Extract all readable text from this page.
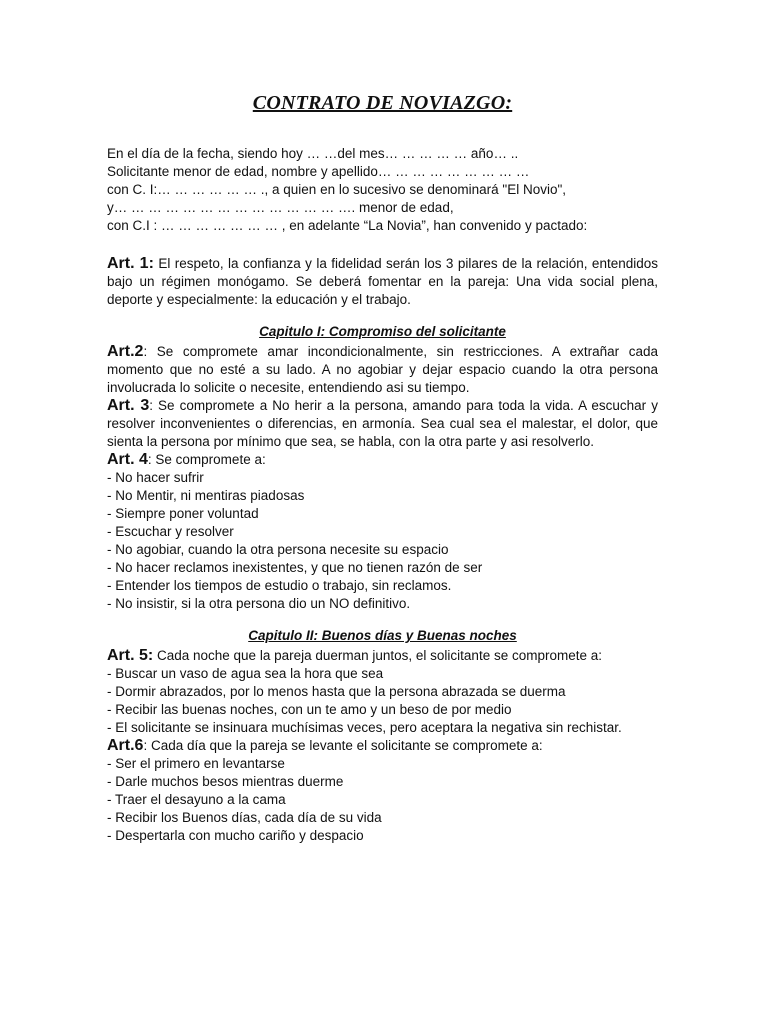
CONTRATO DE NOVIAZGO:

En el día de la fecha, siendo hoy … …del mes… … … … … año… ..

Solicitante menor de edad, nombre y apellido… … … … … … … … …

con C. I:… … … … … … ., a quien en lo sucesivo se denominará "El Novio",

y… … … … … … … … … … … … … …. menor de edad,

con C.I : … … … … … … … , en adelante “La Novia”, han convenido y pactado:

Art. 1: El respeto, la confianza y la fidelidad serán los 3 pilares de la relación, entendidos bajo un régimen monógamo. Se deberá fomentar en la pareja: Una vida social plena, deporte y especialmente: la educación y el trabajo.

Capitulo I: Compromiso del solicitante

Art.2: Se compromete amar incondicionalmente, sin restricciones. A extrañar cada momento que no esté a su lado. A no agobiar y dejar espacio cuando la otra persona involucrada lo solicite o necesite, entendiendo asi su tiempo.

Art. 3: Se compromete a No herir a la persona, amando para toda la vida. A escuchar y resolver inconvenientes o diferencias, en armonía. Sea cual sea el malestar, el dolor, que sienta la persona por mínimo que sea, se habla, con la otra parte y asi resolverlo.

Art. 4: Se compromete a:

- No hacer sufrir
- No Mentir, ni mentiras piadosas
- Siempre poner voluntad
- Escuchar y resolver
- No agobiar, cuando la otra persona necesite su espacio
- No hacer reclamos inexistentes, y que no tienen razón de ser
- Entender los tiempos de estudio o trabajo, sin reclamos.
- No insistir, si la otra persona dio un NO definitivo.
Capitulo II: Buenos días y Buenas noches

Art. 5: Cada noche que la pareja duerman juntos, el solicitante se compromete a:

- Buscar un vaso de agua sea la hora que sea
- Dormir abrazados, por lo menos hasta que la persona abrazada se duerma
- Recibir las buenas noches, con un te amo y un beso de por medio

- El solicitante se insinuara muchísimas veces, pero aceptara la negativa sin rechistar.

Art.6: Cada día que la pareja se levante el solicitante se compromete a:

- Ser el primero en levantarse
- Darle muchos besos mientras duerme
- Traer el desayuno a la cama
- Recibir los Buenos días, cada día de su vida
- Despertarla con mucho cariño y despacio
